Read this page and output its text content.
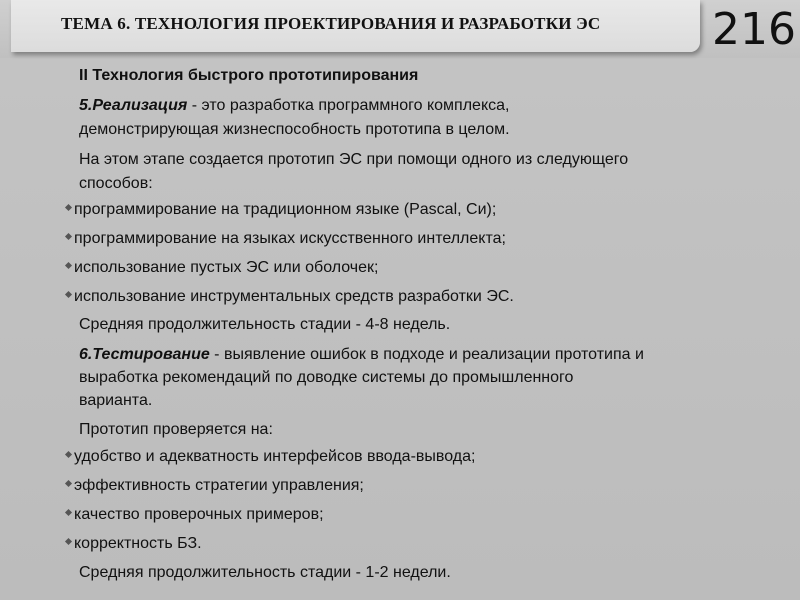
ТЕМА 6. ТЕХНОЛОГИЯ ПРОЕКТИРОВАНИЯ И РАЗРАБОТКИ ЭС	216
II Технология быстрого прототипирования
5.Реализация - это разработка программного комплекса,
демонстрирующая жизнеспособность прототипа в целом.
На этом этапе создается прототип ЭС при помощи одного из следующего
способов:
программирование на традиционном языке (Pascal, Си);
программирование на языках искусственного интеллекта;
использование пустых ЭС или оболочек;
использование инструментальных средств разработки ЭС.
Средняя продолжительность стадии - 4-8 недель.
6.Тестирование - выявление ошибок в подходе и реализации прототипа и
выработка рекомендаций по доводке системы до промышленного
варианта.
Прототип проверяется на:
удобство и адекватность интерфейсов ввода-вывода;
эффективность стратегии управления;
качество проверочных примеров;
корректность БЗ.
Средняя продолжительность стадии - 1-2 недели.
